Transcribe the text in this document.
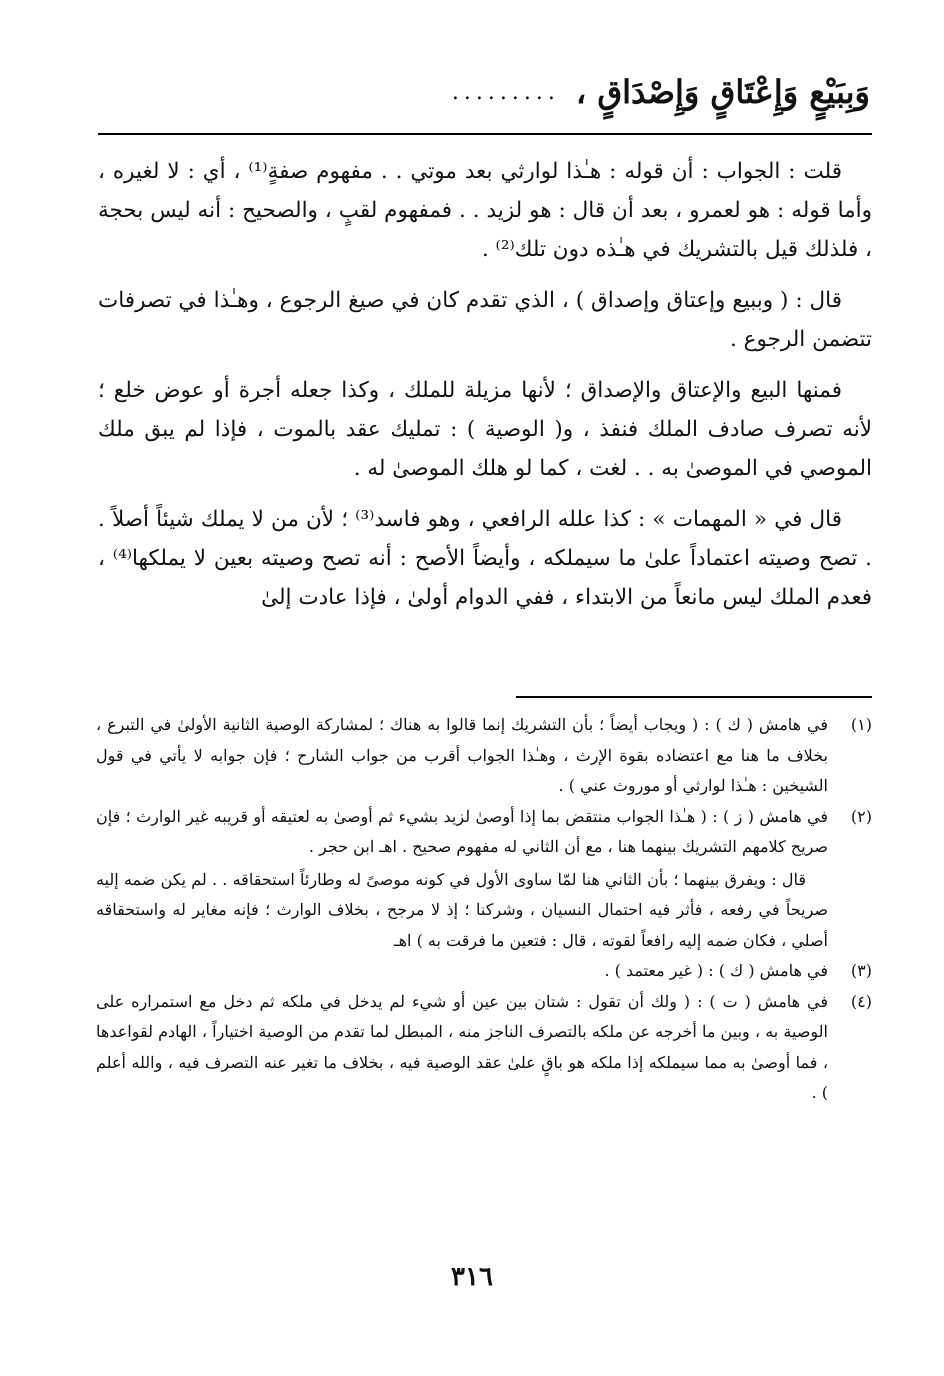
وَبِبَيْعٍ وَإِعْتَاقٍ وَإِصْدَاقٍ ،
.........

قلت : الجواب : أن قوله : هـٰذا لوارثي بعد موتي . . مفهوم صفةٍ⁽¹⁾ ، أي : لا لغيره ، وأما قوله : هو لعمرو ، بعد أن قال : هو لزيد . . فمفهوم لقبٍ ، والصحيح : أنه ليس بحجة ، فلذلك قيل بالتشريك في هـٰذه دون تلك⁽²⁾ .

قال : ( وببيع وإعتاق وإصداق ) ، الذي تقدم كان في صيغ الرجوع ، وهـٰذا في تصرفات تتضمن الرجوع .

فمنها البيع والإعتاق والإصداق ؛ لأنها مزيلة للملك ، وكذا جعله أجرة أو عوض خلع ؛ لأنه تصرف صادف الملك فنفذ ، و( الوصية ) : تمليك عقد بالموت ، فإذا لم يبق ملك الموصي في الموصىٰ به . . لغت ، كما لو هلك الموصىٰ له .

قال في « المهمات » : كذا علله الرافعي ، وهو فاسد⁽³⁾ ؛ لأن من لا يملك شيئاً أصلاً . . تصح وصيته اعتماداً علىٰ ما سيملكه ، وأيضاً الأصح : أنه تصح وصيته بعين لا يملكها⁽⁴⁾ ، فعدم الملك ليس مانعاً من الابتداء ، ففي الدوام أولىٰ ، فإذا عادت إلىٰ

(١)

في هامش ( ك ) : ( ويجاب أيضاً ؛ بأن التشريك إنما قالوا به هناك ؛ لمشاركة الوصية الثانية الأولىٰ في التبرع ، بخلاف ما هنا مع اعتضاده بقوة الإرث ، وهـٰذا الجواب أقرب من جواب الشارح ؛ فإن جوابه لا يأتي في قول الشيخين : هـٰذا لوارثي أو موروث عني ) .

(٢)

في هامش ( ز ) : ( هـٰذا الجواب منتقض بما إذا أوصىٰ لزيد بشيء ثم أوصىٰ به لعتيقه أو قريبه غير الوارث ؛ فإن صريح كلامهم التشريك بينهما هنا ، مع أن الثاني له مفهوم صحيح . اهـ ابن حجر .

قال : ويفرق بينهما ؛ بأن الثاني هنا لمّا ساوى الأول في كونه موصىً له وطارئاً استحقاقه . . لم يكن ضمه إليه صريحاً في رفعه ، فأثر فيه احتمال النسيان ، وشركنا ؛ إذ لا مرجح ، بخلاف الوارث ؛ فإنه مغاير له واستحقاقه أصلي ، فكان ضمه إليه رافعاً لقوته ، قال : فتعين ما فرقت به ) اهـ

(٣)

في هامش ( ك ) : ( غير معتمد ) .

(٤)

في هامش ( ت ) : ( ولك أن تقول : شتان بين عين أو شيء لم يدخل في ملكه ثم دخل مع استمراره على الوصية به ، وبين ما أخرجه عن ملكه بالتصرف الناجز منه ، المبطل لما تقدم من الوصية اختياراً ، الهادم لقواعدها ، فما أوصىٰ به مما سيملكه إذا ملكه هو باقٍ علىٰ عقد الوصية فيه ، بخلاف ما تغير عنه التصرف فيه ، والله أعلم ) .

٣١٦
